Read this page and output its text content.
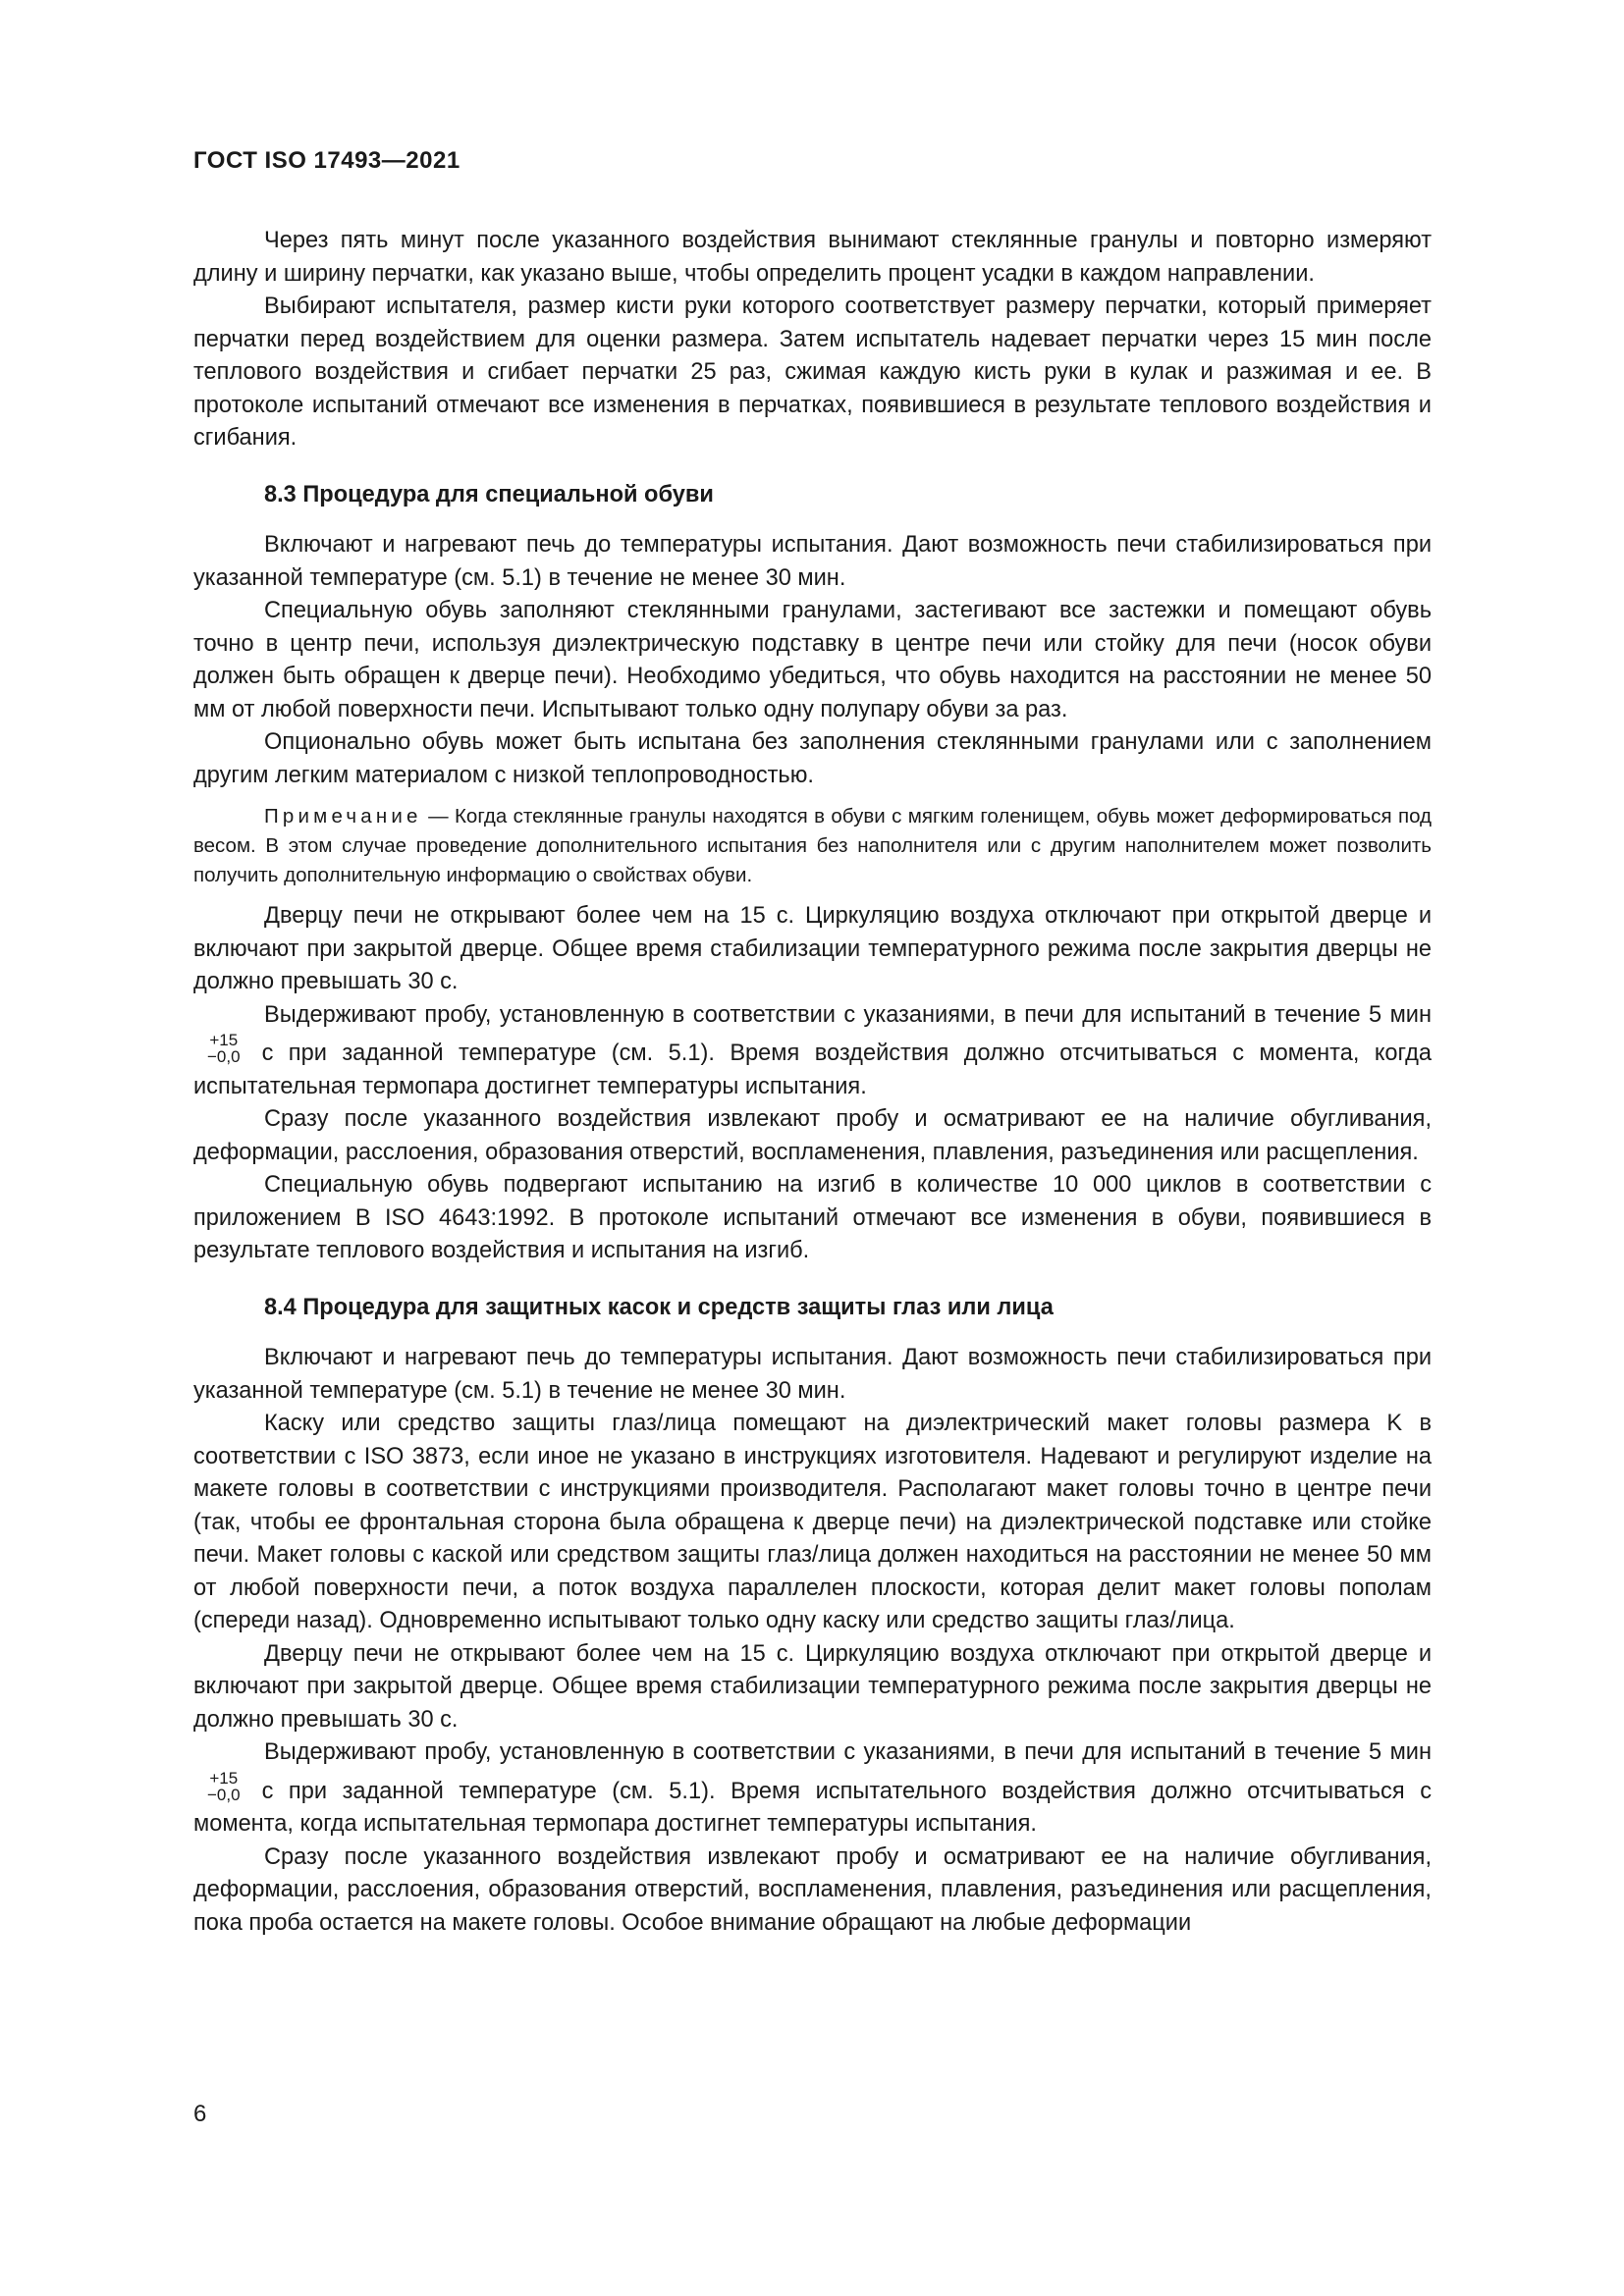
ГОСТ ISO 17493—2021

Через пять минут после указанного воздействия вынимают стеклянные гранулы и повторно измеряют длину и ширину перчатки, как указано выше, чтобы определить процент усадки в каждом направлении.

Выбирают испытателя, размер кисти руки которого соответствует размеру перчатки, который примеряет перчатки перед воздействием для оценки размера. Затем испытатель надевает перчатки через 15 мин после теплового воздействия и сгибает перчатки 25 раз, сжимая каждую кисть руки в кулак и разжимая и ее. В протоколе испытаний отмечают все изменения в перчатках, появившиеся в результате теплового воздействия и сгибания.

8.3 Процедура для специальной обуви

Включают и нагревают печь до температуры испытания. Дают возможность печи стабилизироваться при указанной температуре (см. 5.1) в течение не менее 30 мин.

Специальную обувь заполняют стеклянными гранулами, застегивают все застежки и помещают обувь точно в центр печи, используя диэлектрическую подставку в центре печи или стойку для печи (носок обуви должен быть обращен к дверце печи). Необходимо убедиться, что обувь находится на расстоянии не менее 50 мм от любой поверхности печи. Испытывают только одну полупару обуви за раз.

Опционально обувь может быть испытана без заполнения стеклянными гранулами или с заполнением другим легким материалом с низкой теплопроводностью.

Примечание — Когда стеклянные гранулы находятся в обуви с мягким голенищем, обувь может деформироваться под весом. В этом случае проведение дополнительного испытания без наполнителя или с другим наполнителем может позволить получить дополнительную информацию о свойствах обуви.

Дверцу печи не открывают более чем на 15 с. Циркуляцию воздуха отключают при открытой дверце и включают при закрытой дверце. Общее время стабилизации температурного режима после закрытия дверцы не должно превышать 30 с.

Выдерживают пробу, установленную в соответствии с указаниями, в печи для испытаний в течение 5 мин
+15
−0,0 с при заданной температуре (см. 5.1). Время воздействия должно отсчитываться с момента, когда испытательная термопара достигнет температуры испытания.

Сразу после указанного воздействия извлекают пробу и осматривают ее на наличие обугливания, деформации, расслоения, образования отверстий, воспламенения, плавления, разъединения или расщепления.

Специальную обувь подвергают испытанию на изгиб в количестве 10 000 циклов в соответствии с приложением В ISO 4643:1992. В протоколе испытаний отмечают все изменения в обуви, появившиеся в результате теплового воздействия и испытания на изгиб.

8.4 Процедура для защитных касок и средств защиты глаз или лица

Включают и нагревают печь до температуры испытания. Дают возможность печи стабилизироваться при указанной температуре (см. 5.1) в течение не менее 30 мин.

Каску или средство защиты глаз/лица помещают на диэлектрический макет головы размера K в соответствии с ISO 3873, если иное не указано в инструкциях изготовителя. Надевают и регулируют изделие на макете головы в соответствии с инструкциями производителя. Располагают макет головы точно в центре печи (так, чтобы ее фронтальная сторона была обращена к дверце печи) на диэлектрической подставке или стойке печи. Макет головы с каской или средством защиты глаз/лица должен находиться на расстоянии не менее 50 мм от любой поверхности печи, а поток воздуха параллелен плоскости, которая делит макет головы пополам (спереди назад). Одновременно испытывают только одну каску или средство защиты глаз/лица.

Дверцу печи не открывают более чем на 15 с. Циркуляцию воздуха отключают при открытой дверце и включают при закрытой дверце. Общее время стабилизации температурного режима после закрытия дверцы не должно превышать 30 с.

Выдерживают пробу, установленную в соответствии с указаниями, в печи для испытаний в течение 5 мин
+15
−0,0 с при заданной температуре (см. 5.1). Время испытательного воздействия должно отсчитываться с момента, когда испытательная термопара достигнет температуры испытания.

Сразу после указанного воздействия извлекают пробу и осматривают ее на наличие обугливания, деформации, расслоения, образования отверстий, воспламенения, плавления, разъединения или расщепления, пока проба остается на макете головы. Особое внимание обращают на любые деформации

6
